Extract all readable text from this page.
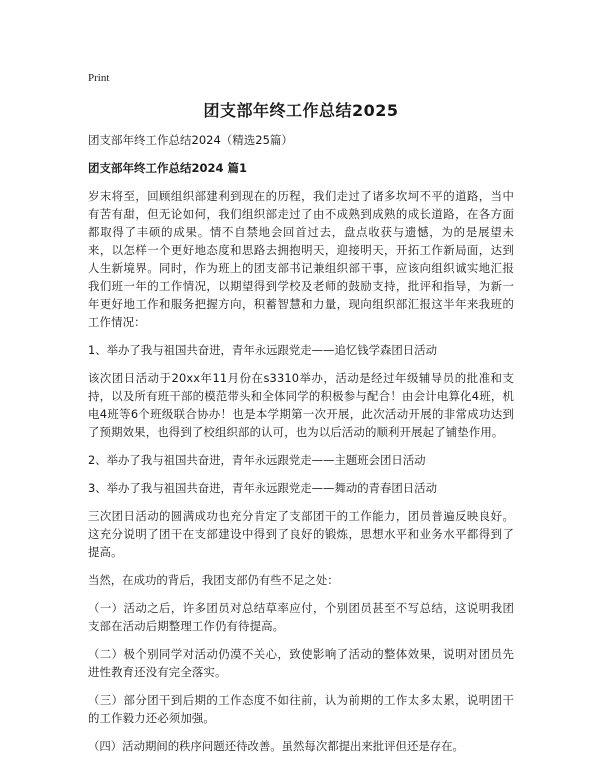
Print

团支部年终工作总结2025

团支部年终工作总结2024（精选25篇）

团支部年终工作总结2024 篇1

岁末将至，回顾组织部建利到现在的历程，我们走过了诸多坎坷不平的道路，当中有苦有甜，但无论如何，我们组织部走过了由不成熟到成熟的成长道路，在各方面都取得了丰硕的成果。情不自禁地会回首过去，盘点收获与遗憾，为的是展望未来，以怎样一个更好地态度和思路去拥抱明天，迎接明天，开拓工作新局面，达到人生新境界。同时，作为班上的团支部书记兼组织部干事，应该向组织诚实地汇报我们班一年的工作情况，以期望得到学校及老师的鼓励支持，批评和指导，为新一年更好地工作和服务把握方向，积蓄智慧和力量，现向组织部汇报这半年来我班的工作情况：

1、举办了我与祖国共奋进，青年永远跟党走——追忆钱学森团日活动

该次团日活动于20xx年11月份在s3310举办，活动是经过年级辅导员的批准和支持，以及所有班干部的模范带头和全体同学的积极参与配合！由会计电算化4班，机电4班等6个班级联合协办！也是本学期第一次开展，此次活动开展的非常成功达到了预期效果，也得到了校组织部的认可，也为以后活动的顺利开展起了铺垫作用。

2、举办了我与祖国共奋进，青年永远跟党走——主题班会团日活动

3、举办了我与祖国共奋进，青年永远跟党走——舞动的青春团日活动

三次团日活动的圆满成功也充分肯定了支部团干的工作能力，团员普遍反映良好。这充分说明了团干在支部建设中得到了良好的锻炼，思想水平和业务水平都得到了提高。

当然，在成功的背后，我团支部仍有些不足之处：

（一）活动之后，许多团员对总结草率应付，个别团员甚至不写总结，这说明我团支部在活动后期整理工作仍有待提高。

（二）极个别同学对活动仍漠不关心，致使影响了活动的整体效果，说明对团员先进性教育还没有完全落实。

（三）部分团干到后期的工作态度不如往前，认为前期的工作太多太累，说明团干的工作毅力还必须加强。

（四）活动期间的秩序问题还待改善。虽然每次都提出来批评但还是存在。
